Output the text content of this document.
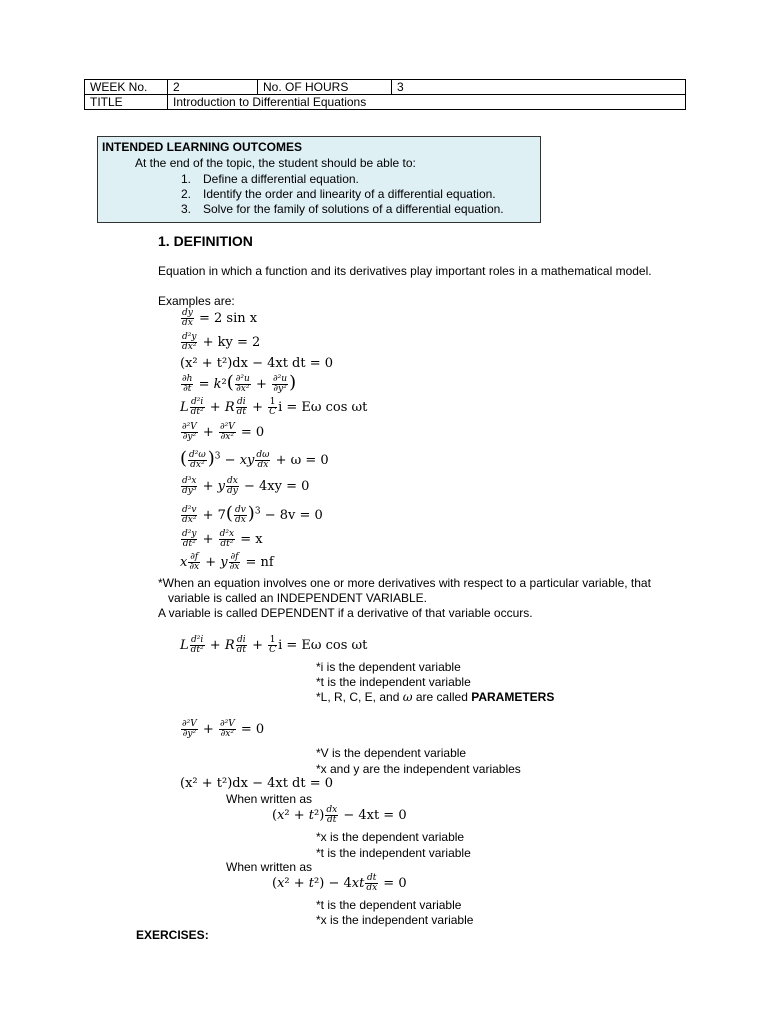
WEEK No.	2	No. OF HOURS	3
TITLE	Introduction to Differential Equations		
INTENDED LEARNING OUTCOMES
At the end of the topic, the student should be able to:
1. Define a differential equation.
2. Identify the order and linearity of a differential equation.
3. Solve for the family of solutions of a differential equation.
1. DEFINITION
Equation in which a function and its derivatives play important roles in a mathematical model.
Examples are:
$\frac{dy}{dx} = 2$ sin x
$\frac{\text{d²y}}{\text{dx²}}$ + ky = 2
(x² + t²)dx − 4xt dt = 0
$\frac{\partial h}{\partial t} = k^2( \frac{\text{∂²u}}{\text{∂x²}} + \frac{\text{∂²u}}{\text{∂y²}}$ )
L $\frac{\text{d²i}}{\text{dt²}} + R \frac{di}{dt} + \frac{1}{C}$ i = Eω cos ωt
$\frac{\text{∂²V}}{\text{∂y²}} + \frac{\text{∂²V}}{\text{∂x²}} = 0$
( $\frac{\text{d²ω}}{\text{dx²}} )^3$ − xy $\frac{d\omega}{dx} + \omega = 0$
$\frac{\text{d³x}}{\text{dy³}} + y \frac{dx}{dy} - 4xy = 0$
$\frac{\text{d²v}}{\text{dx²}} + 7( \frac{dv}{dx} )^3 - 8v = 0$
$\frac{\text{d²y}}{\text{dt²}} + \frac{\text{d²x}}{\text{dt²}} = x$
x $\frac{\partial f}{\partial x} + y \frac{\partial f}{\partial x}$ = nf
*When an equation involves one or more derivatives with respect to a particular variable, that
variable is called an INDEPENDENT VARIABLE.
A variable is called DEPENDENT if a derivative of that variable occurs.
L $\frac{\text{d²i}}{\text{dt²}} + R \frac{di}{dt} + \frac{1}{C}$ i = Eω cos ωt
*i is the dependent variable
*t is the independent variable
*L, R, C, E, and ω are called PARAMETERS
$\frac{\text{∂²V}}{\text{∂y²}} + \frac{\text{∂²V}}{\text{∂x²}} = 0$
*V is the dependent variable
*x and y are the independent variables
(x² + t²)dx − 4xt dt = 0
When written as
$(x^2 + t^2) \frac{dx}{dt} - 4xt = 0$
*x is the dependent variable
*t is the independent variable
When written as
$(x^2 + t^2) - 4xt \frac{dt}{dx} = 0$
*t is the dependent variable
*x is the independent variable
EXERCISES:
